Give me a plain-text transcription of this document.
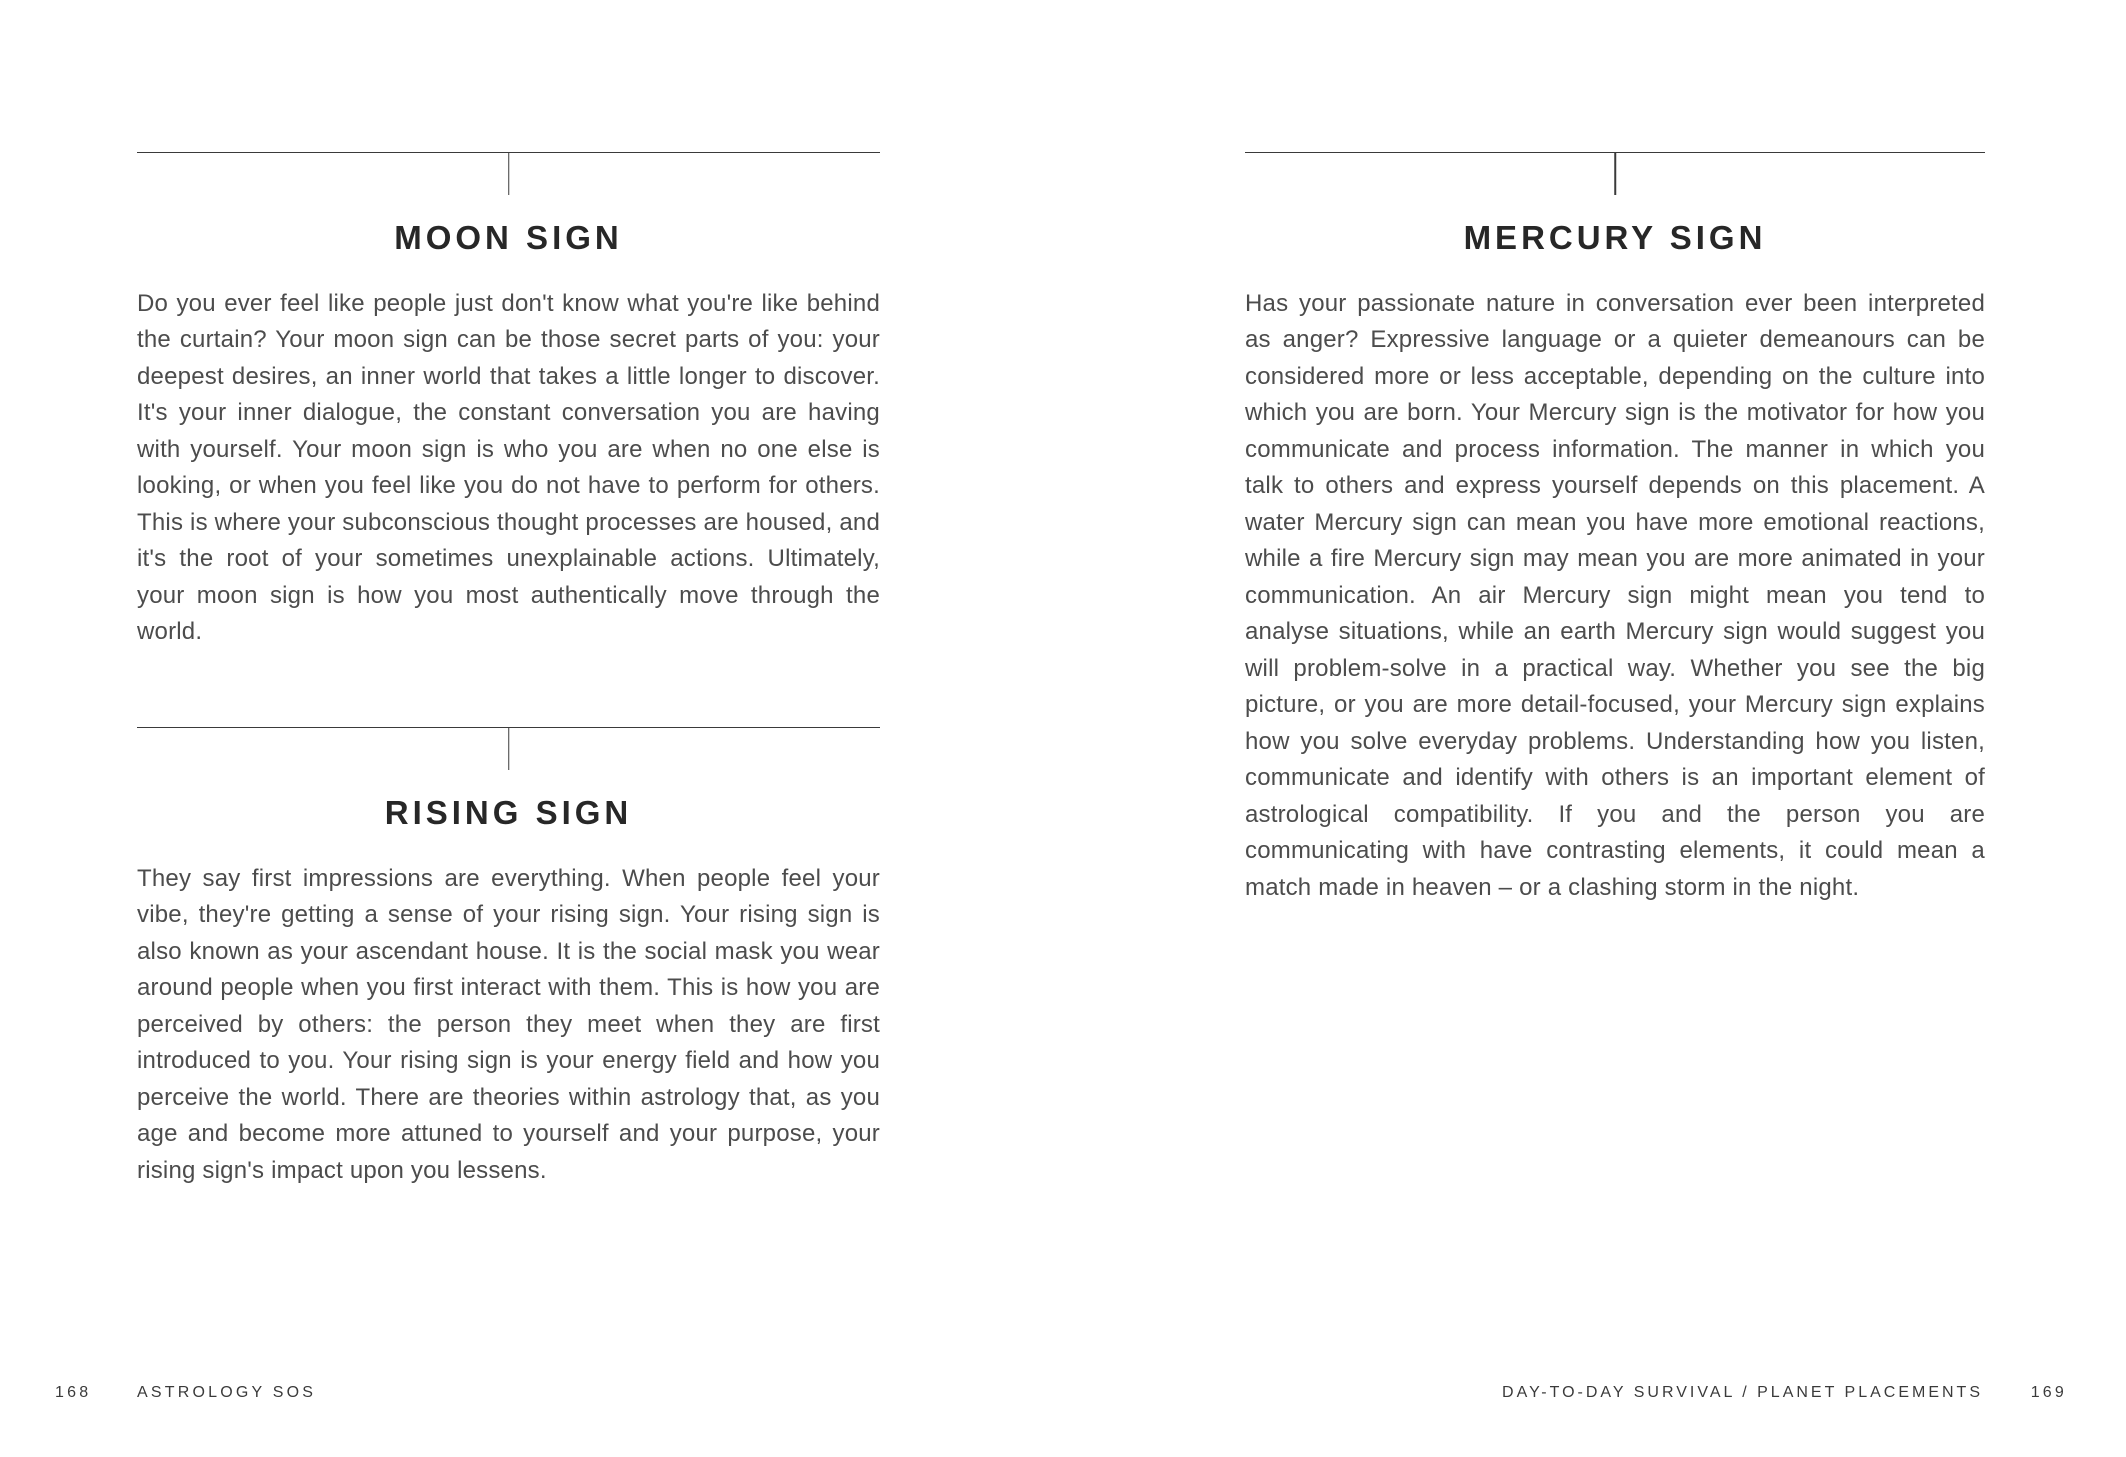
MOON SIGN

Do you ever feel like people just don't know what you're like behind the curtain? Your moon sign can be those secret parts of you: your deepest desires, an inner world that takes a little longer to discover. It's your inner dialogue, the constant conversation you are having with yourself. Your moon sign is who you are when no one else is looking, or when you feel like you do not have to perform for others. This is where your subconscious thought processes are housed, and it's the root of your sometimes unexplainable actions. Ultimately, your moon sign is how you most authentically move through the world.

RISING SIGN

They say first impressions are everything. When people feel your vibe, they're getting a sense of your rising sign. Your rising sign is also known as your ascendant house. It is the social mask you wear around people when you first interact with them. This is how you are perceived by others: the person they meet when they are first introduced to you. Your rising sign is your energy field and how you perceive the world. There are theories within astrology that, as you age and become more attuned to yourself and your purpose, your rising sign's impact upon you lessens.

168	ASTROLOGY SOS
MERCURY SIGN

Has your passionate nature in conversation ever been interpreted as anger? Expressive language or a quieter demeanours can be considered more or less acceptable, depending on the culture into which you are born. Your Mercury sign is the motivator for how you communicate and process information. The manner in which you talk to others and express yourself depends on this placement. A water Mercury sign can mean you have more emotional reactions, while a fire Mercury sign may mean you are more animated in your communication. An air Mercury sign might mean you tend to analyse situations, while an earth Mercury sign would suggest you will problem-solve in a practical way. Whether you see the big picture, or you are more detail-focused, your Mercury sign explains how you solve everyday problems. Understanding how you listen, communicate and identify with others is an important element of astrological compatibility. If you and the person you are communicating with have contrasting elements, it could mean a match made in heaven – or a clashing storm in the night.

DAY-TO-DAY SURVIVAL / PLANET PLACEMENTS	169
